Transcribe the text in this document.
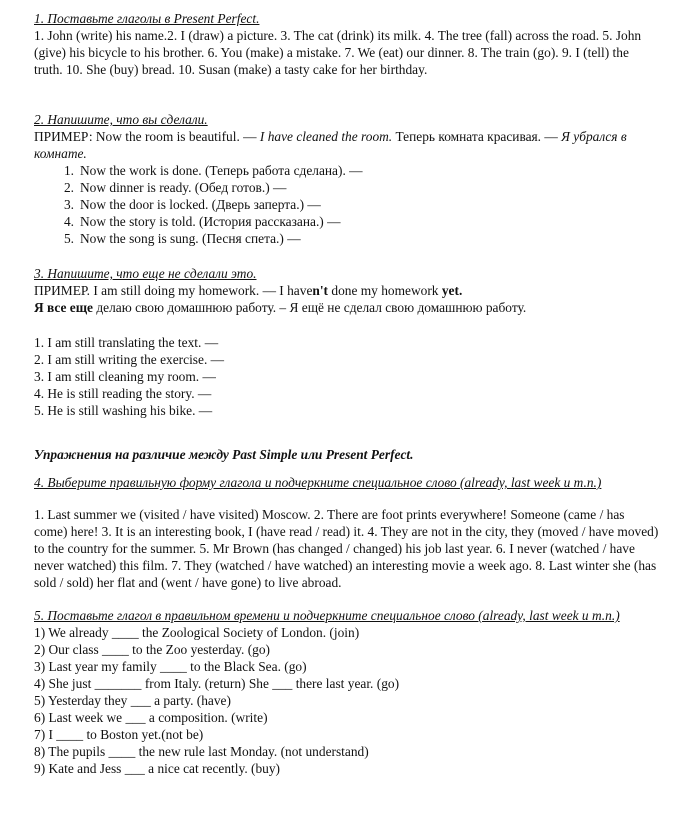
1. Поставьте глаголы в Present Perfect.

1. John (write) his name.2. I (draw) a picture. 3. The cat (drink) its milk. 4. The tree (fall) across the road. 5. John (give) his bicycle to his brother. 6. You (make) a mistake. 7. We (eat) our dinner. 8. The train (go). 9. I (tell) the truth. 10. She (buy) bread. 10. Susan (make) a tasty cake for her birthday.

2. Напишите, что вы сделали.

ПРИМЕР: Now the room is beautiful. — I have cleaned the room. Теперь комната красивая. — Я убрался в комнате.

1. Now the work is done. (Теперь работа сделана). —
2. Now dinner is ready. (Обед готов.) —
3. Now the door is locked. (Дверь заперта.) —
4. Now the story is told. (История рассказана.) —
5. Now the song is sung. (Песня спета.) —

3. Напишите, что еще не сделали это.

ПРИМЕР. I am still doing my homework. — I haven't done my homework yet.

Я все еще делаю свою домашнюю работу. – Я ещё не сделал свою домашнюю работу.

1. I am still translating the text. —
2. I am still writing the exercise. —
3. I am still cleaning my room. —
4. He is still reading the story. —
5. He is still washing his bike. —

Упражнения на различие между Past Simple или Present Perfect.

4. Выберите правильную форму глагола и подчеркните специальное слово (already, last week и т.п.)

1. Last summer we (visited / have visited) Moscow. 2. There are foot prints everywhere! Someone (came / has come) here! 3. It is an interesting book, I (have read / read) it. 4. They are not in the city, they (moved / have moved) to the country for the summer. 5. Mr Brown (has changed / changed) his job last year. 6. I never (watched / have never watched) this film. 7. They (watched / have watched) an interesting movie a week ago. 8. Last winter she (has sold / sold) her flat and (went / have gone) to live abroad.

5. Поставьте глагол в правильном времени и подчеркните специальное слово (already, last week и т.п.)

1) We already ____ the Zoological Society of London. (join)
2) Our class ____ to the Zoo yesterday. (go)
3) Last year my family ____ to the Black Sea. (go)
4) She just _______ from Italy. (return) She ___ there last year. (go)
5) Yesterday they ___ a party. (have)
6) Last week we ___ a composition. (write)
7) I ____ to Boston yet.(not be)
8) The pupils ____ the new rule last Monday. (not understand)
9) Kate and Jess ___ a nice cat recently. (buy)
